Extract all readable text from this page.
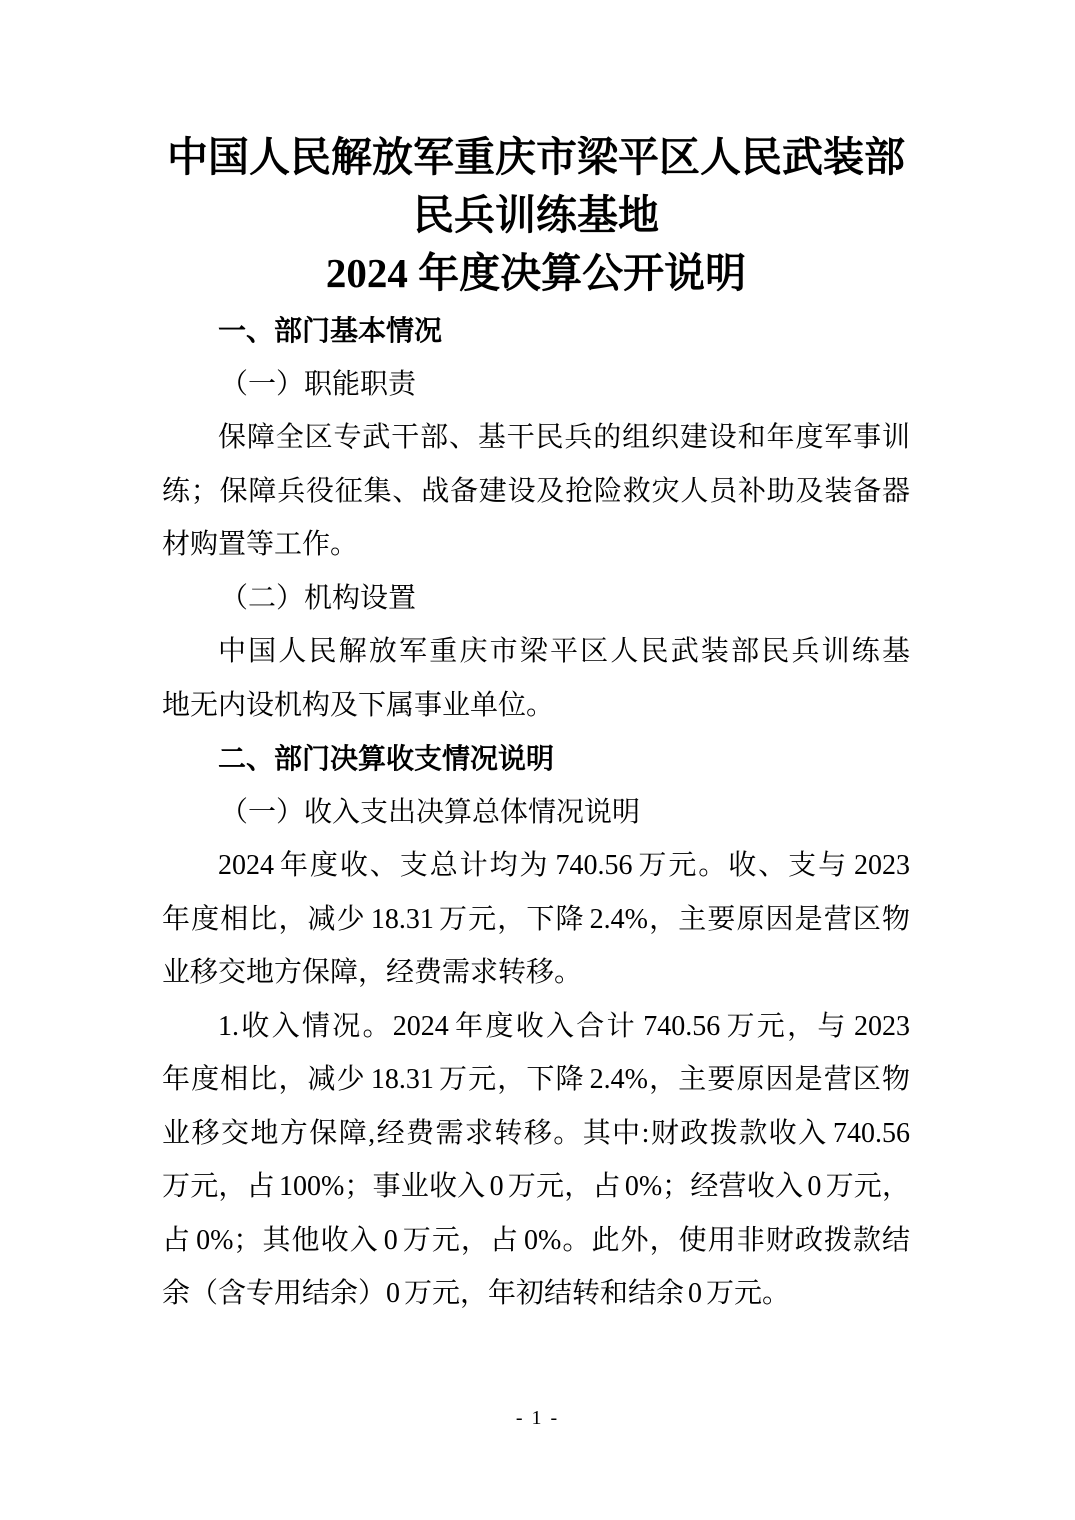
中国人民解放军重庆市梁平区人民武装部
民兵训练基地
2024 年度决算公开说明
一、部门基本情况
（一）职能职责
保障全区专武干部、基干民兵的组织建设和年度军事训
练；保障兵役征集、战备建设及抢险救灾人员补助及装备器
材购置等工作。
（二）机构设置
中国人民解放军重庆市梁平区人民武装部民兵训练基
地无内设机构及下属事业单位。
二、部门决算收支情况说明
（一）收入支出决算总体情况说明
2024 年度收、支总计均为 740.56 万元。收、支与 2023
年度相比，减少 18.31 万元，下降 2.4%，主要原因是营区物
业移交地方保障，经费需求转移。
1.收入情况。2024 年度收入合计 740.56 万元，与 2023
年度相比，减少 18.31 万元，下降 2.4%，主要原因是营区物
业移交地方保障,经费需求转移。其中:财政拨款收入 740.56
万元，占 100%；事业收入 0 万元，占 0%；经营收入 0 万元，
占 0%；其他收入 0 万元，占 0%。此外，使用非财政拨款结
余（含专用结余）0 万元，年初结转和结余 0 万元。
- 1 -
